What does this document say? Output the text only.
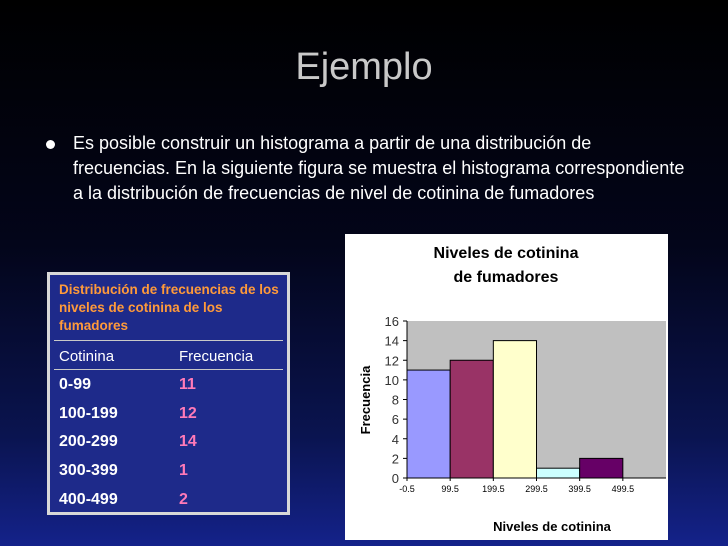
Ejemplo
Es posible construir un histograma a partir de una distribución de frecuencias. En la siguiente figura se muestra el histograma correspondiente a la distribución de frecuencias de nivel de cotinina de fumadores
Distribución de frecuencias de los niveles de cotinina de los fumadores
Cotinina	Frecuencia
0-99	11
100-199	12
200-299	14
300-399	1
400-499	2
Niveles de cotinina de fumadores
0
2
4
6
8
10
12
14
16
-0.5	99.5	199.5 299.5 399.5 499.5
Niveles de cotinina
Frecuencia
